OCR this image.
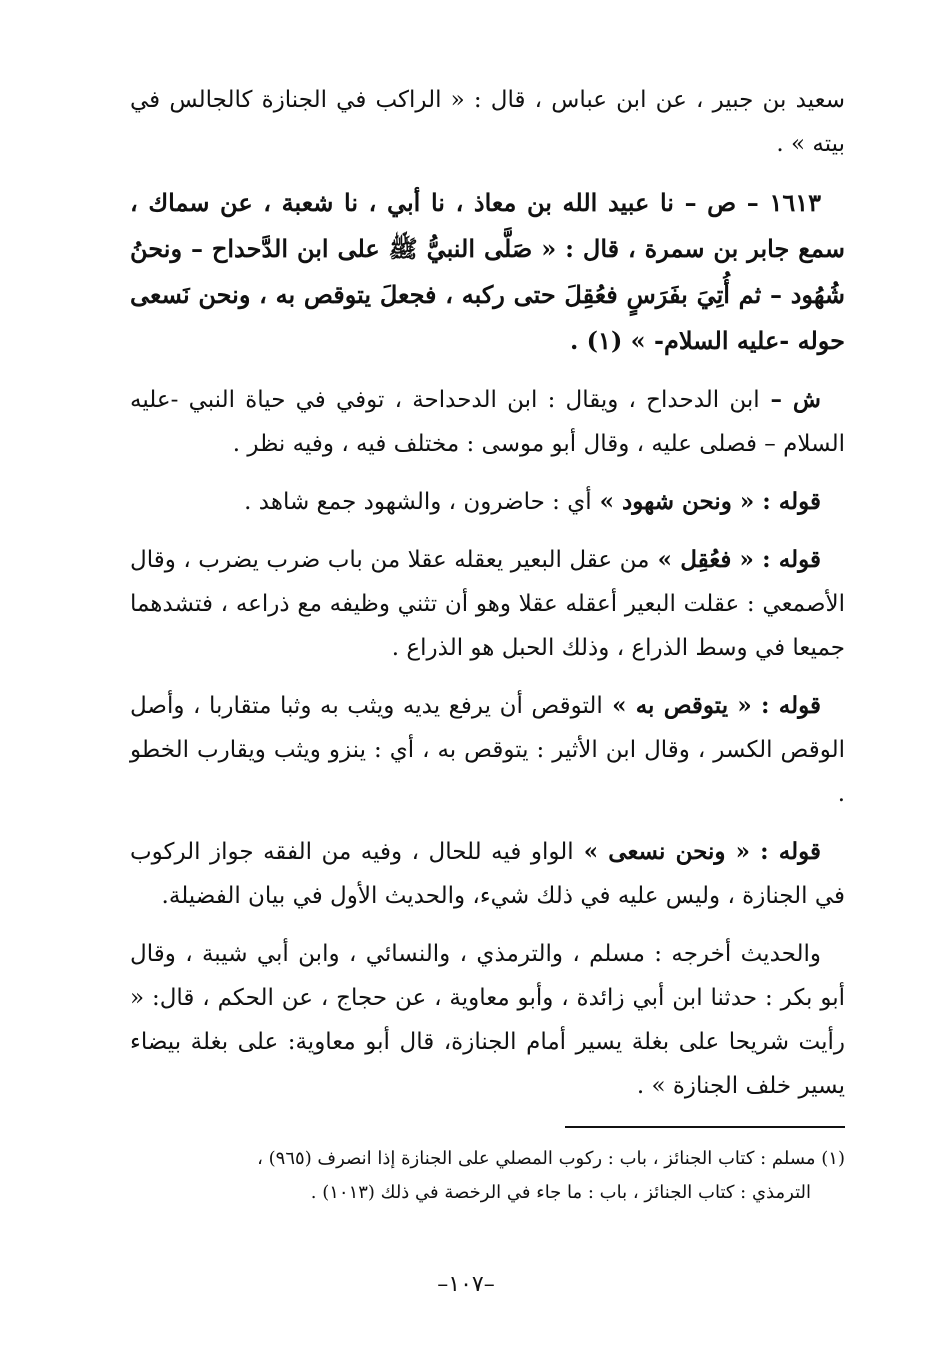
سعيد بن جبير ، عن ابن عباس ، قال : « الراكب في الجنازة كالجالس في بيته » .

١٦١٣ – ص – نا عبيد الله بن معاذ ، نا أبي ، نا شعبة ، عن سماك ، سمع جابر بن سمرة ، قال : « صَلَّى النبيُّ ﷺ على ابن الدَّحداح – ونحنُ شُهُود – ثم أُتِيَ بفَرَسٍ فعُقِلَ حتى ركبه ، فجعلَ يتوقص به ، ونحن نَسعى حوله -عليه السلام- » (١) .

ش – ابن الدحداح ، ويقال : ابن الدحداحة ، توفي في حياة النبي -عليه السلام – فصلى عليه ، وقال أبو موسى : مختلف فيه ، وفيه نظر .

قوله : « ونحن شهود » أي : حاضرون ، والشهود جمع شاهد .

قوله : « فعُقِل » من عقل البعير يعقله عقلا من باب ضرب يضرب ، وقال الأصمعي : عقلت البعير أعقله عقلا وهو أن تثني وظيفه مع ذراعه ، فتشدهما جميعا في وسط الذراع ، وذلك الحبل هو الذراع .

قوله : « يتوقص به » التوقص أن يرفع يديه ويثب به وثبا متقاربا ، وأصل الوقص الكسر ، وقال ابن الأثير : يتوقص به ، أي : ينزو ويثب ويقارب الخطو .

قوله : « ونحن نسعى » الواو فيه للحال ، وفيه من الفقه جواز الركوب في الجنازة ، وليس عليه في ذلك شيء، والحديث الأول في بيان الفضيلة.

والحديث أخرجه : مسلم ، والترمذي ، والنسائي ، وابن أبي شيبة ، وقال أبو بكر : حدثنا ابن أبي زائدة ، وأبو معاوية ، عن حجاج ، عن الحكم ، قال: « رأيت شريحا على بغلة يسير أمام الجنازة، قال أبو معاوية: على بغلة بيضاء يسير خلف الجنازة » .

(١) مسلم : كتاب الجنائز ، باب : ركوب المصلي على الجنازة إذا انصرف (٩٦٥) ،

الترمذي : كتاب الجنائز ، باب : ما جاء في الرخصة في ذلك (١٠١٣) .

–١٠٧–
